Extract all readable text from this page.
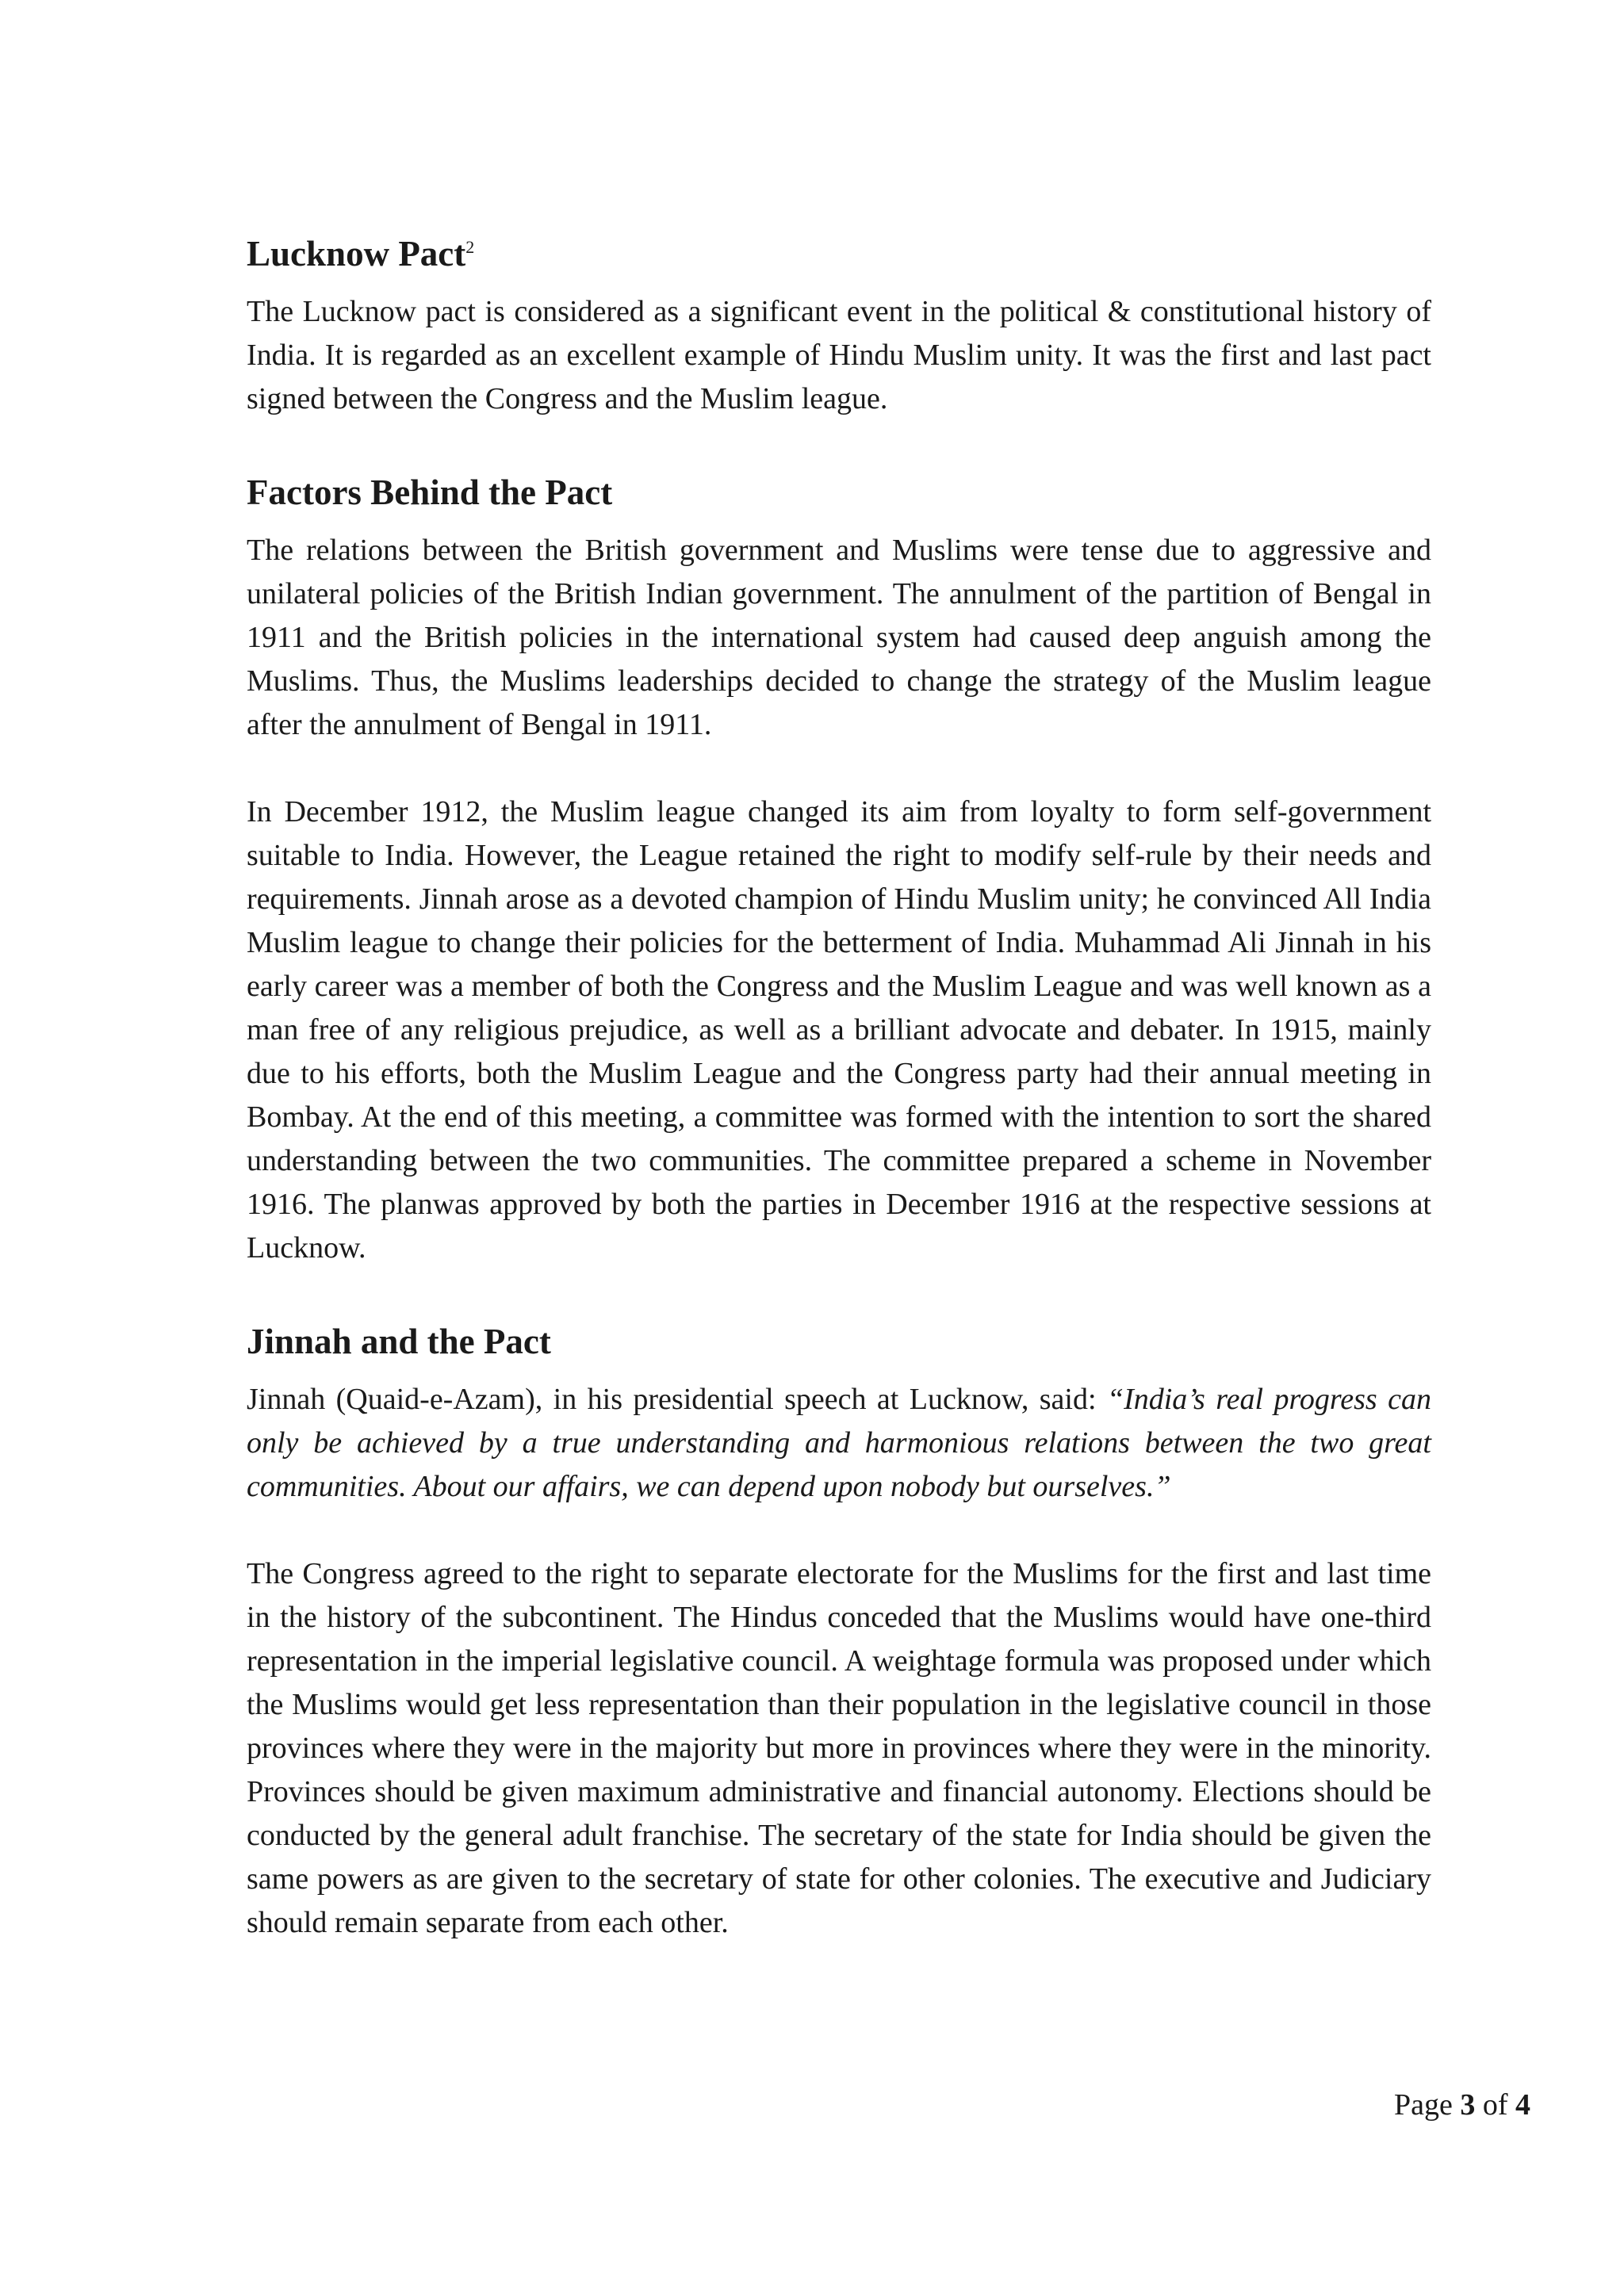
Lucknow Pact$^2$

The Lucknow pact is considered as a significant event in the political & constitutional history of India. It is regarded as an excellent example of Hindu Muslim unity. It was the first and last pact signed between the Congress and the Muslim league.

Factors Behind the Pact

The relations between the British government and Muslims were tense due to aggressive and unilateral policies of the British Indian government. The annulment of the partition of Bengal in 1911 and the British policies in the international system had caused deep anguish among the Muslims. Thus, the Muslims leaderships decided to change the strategy of the Muslim league after the annulment of Bengal in 1911.

In December 1912, the Muslim league changed its aim from loyalty to form self-government suitable to India. However, the League retained the right to modify self-rule by their needs and requirements. Jinnah arose as a devoted champion of Hindu Muslim unity; he convinced All India Muslim league to change their policies for the betterment of India. Muhammad Ali Jinnah in his early career was a member of both the Congress and the Muslim League and was well known as a man free of any religious prejudice, as well as a brilliant advocate and debater. In 1915, mainly due to his efforts, both the Muslim League and the Congress party had their annual meeting in Bombay. At the end of this meeting, a committee was formed with the intention to sort the shared understanding between the two communities. The committee prepared a scheme in November 1916. The planwas approved by both the parties in December 1916 at the respective sessions at Lucknow.

Jinnah and the Pact

Jinnah (Quaid-e-Azam), in his presidential speech at Lucknow, said: “India’s real progress can only be achieved by a true understanding and harmonious relations between the two great communities. About our affairs, we can depend upon nobody but ourselves.”

The Congress agreed to the right to separate electorate for the Muslims for the first and last time in the history of the subcontinent. The Hindus conceded that the Muslims would have one-third representation in the imperial legislative council. A weightage formula was proposed under which the Muslims would get less representation than their population in the legislative council in those provinces where they were in the majority but more in provinces where they were in the minority. Provinces should be given maximum administrative and financial autonomy. Elections should be conducted by the general adult franchise. The secretary of the state for India should be given the same powers as are given to the secretary of state for other colonies. The executive and Judiciary should remain separate from each other.

Page 3 of 4
